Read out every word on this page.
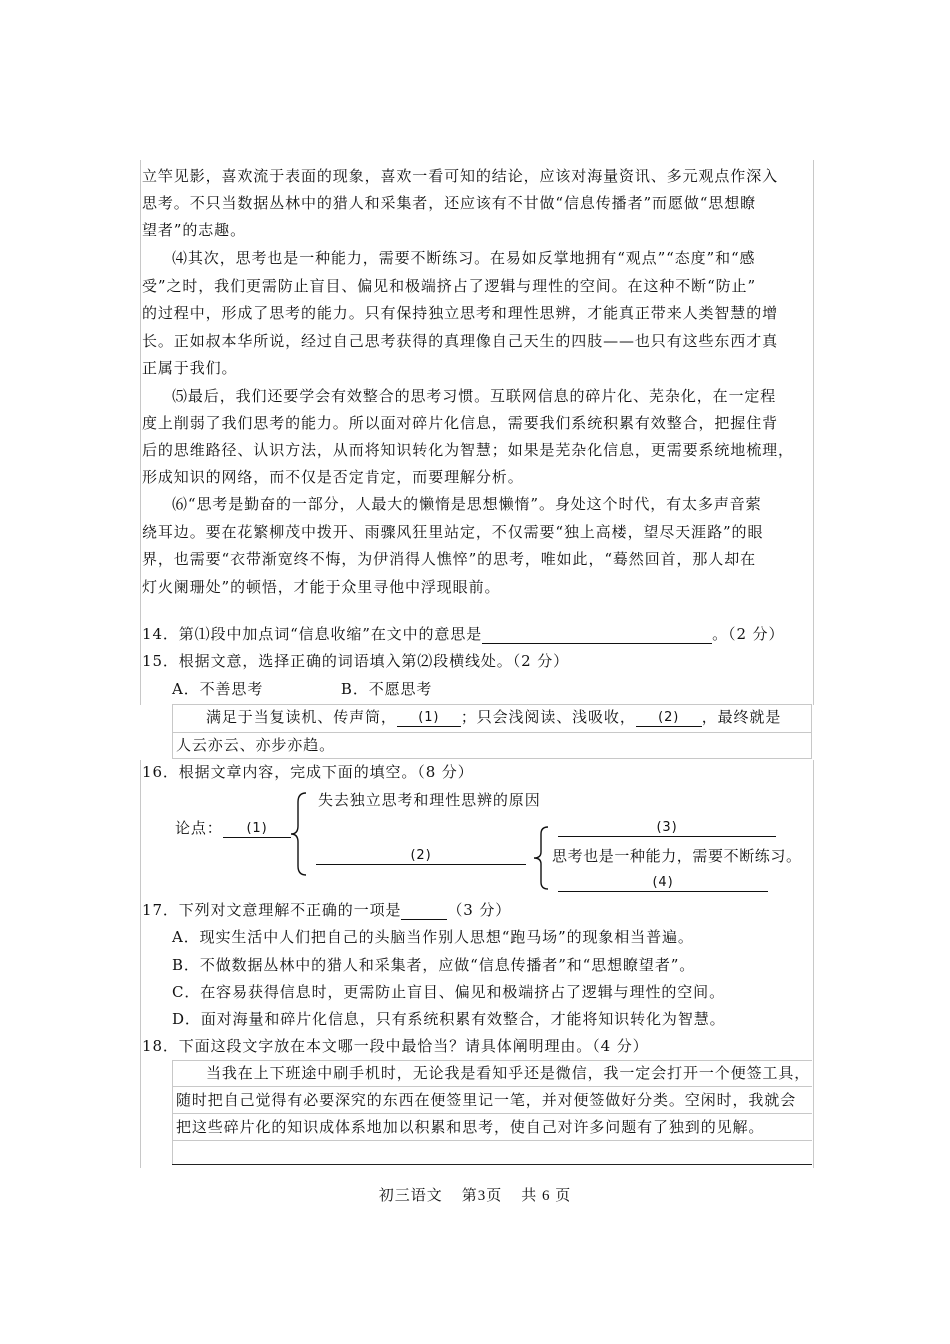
立竿见影，喜欢流于表面的现象，喜欢一看可知的结论，应该对海量资讯、多元观点作深入
思考。不只当数据丛林中的猎人和采集者，还应该有不甘做“信息传播者”而愿做“思想瞭
望者”的志趣。
⑷其次，思考也是一种能力，需要不断练习。在易如反掌地拥有“观点”“态度”和“感
受”之时，我们更需防止盲目、偏见和极端挤占了逻辑与理性的空间。在这种不断“防止”
的过程中，形成了思考的能力。只有保持独立思考和理性思辨，才能真正带来人类智慧的增
长。正如叔本华所说，经过自己思考获得的真理像自己天生的四肢——也只有这些东西才真
正属于我们。
⑸最后，我们还要学会有效整合的思考习惯。互联网信息的碎片化、芜杂化，在一定程
度上削弱了我们思考的能力。所以面对碎片化信息，需要我们系统积累有效整合，把握住背
后的思维路径、认识方法，从而将知识转化为智慧；如果是芜杂化信息，更需要系统地梳理，
形成知识的网络，而不仅是否定肯定，而要理解分析。
⑹“思考是勤奋的一部分，人最大的懒惰是思想懒惰”。身处这个时代，有太多声音萦
绕耳边。要在花繁柳茂中拨开、雨骤风狂里站定，不仅需要“独上高楼，望尽天涯路”的眼
界，也需要“衣带渐宽终不悔，为伊消得人憔悴”的思考，唯如此，“蓦然回首，那人却在
灯火阑珊处”的顿悟，才能于众里寻他中浮现眼前。
14．第⑴段中加点词“信息收缩”在文中的意思是	。（2 分）
15．根据文意，选择正确的词语填入第⑵段横线处。（2 分）
A．不善思考	B．不愿思考
满足于当复读机、传声筒， (1) ；只会浅阅读、浅吸收， (2) ，最终就是
人云亦云、亦步亦趋。
16．根据文章内容，完成下面的填空。（8 分）
失去独立思考和理性思辨的原因
论点：	(1)
(2)
(3)
思考也是一种能力，需要不断练习。
(4)
17．下列对文意理解不正确的一项是	（3 分）
A．现实生活中人们把自己的头脑当作别人思想“跑马场”的现象相当普遍。
B．不做数据丛林中的猎人和采集者，应做“信息传播者”和“思想瞭望者”。
C．在容易获得信息时，更需防止盲目、偏见和极端挤占了逻辑与理性的空间。
D．面对海量和碎片化信息，只有系统积累有效整合，才能将知识转化为智慧。
18．下面这段文字放在本文哪一段中最恰当？请具体阐明理由。（4 分）
当我在上下班途中刷手机时，无论我是看知乎还是微信，我一定会打开一个便签工具，
随时把自己觉得有必要深究的东西在便签里记一笔，并对便签做好分类。空闲时，我就会
把这些碎片化的知识成体系地加以积累和思考，使自己对许多问题有了独到的见解。
初三语文    第3页    共 6 页
